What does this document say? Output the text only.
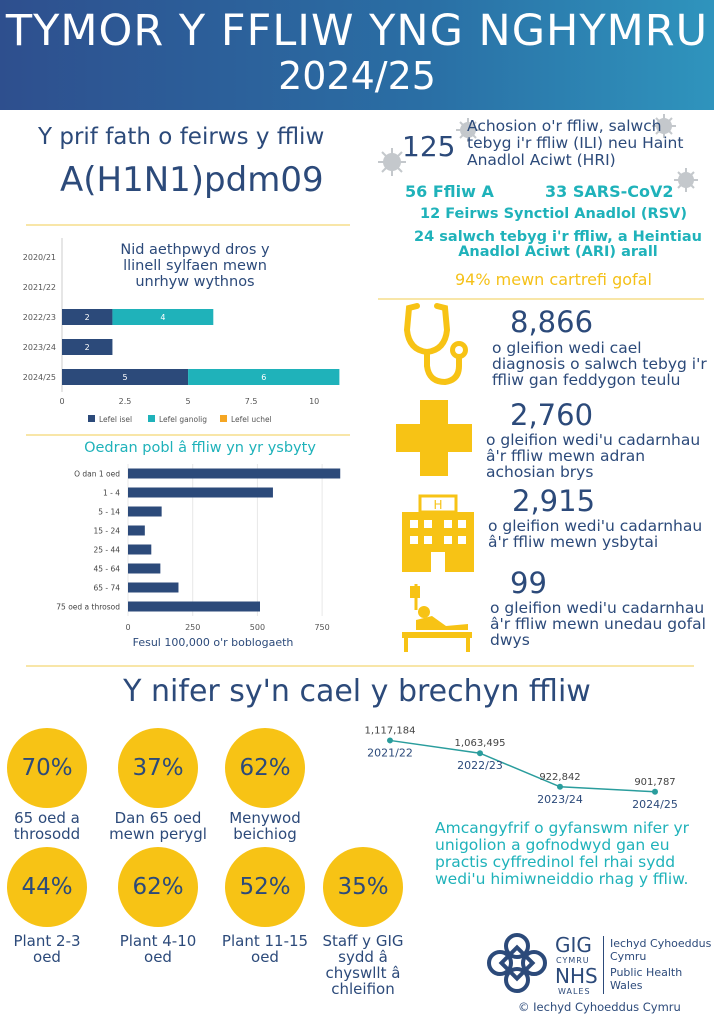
TYMOR Y FFLIW YNG NGHYMRU
2024/25
Y prif fath o feirws y ffliw
A(H1N1)pdm09
125
Achosion o'r ffliw, salwch tebyg i'r ffliw (ILI) neu Haint Anadlol Aciwt (HRI)
56 Ffliw A	33 SARS-CoV2
12 Feirws Synctiol Anadlol (RSV)
24 salwch tebyg i'r ffliw, a Heintiau Anadlol Aciwt (ARI) arall
94% mewn cartrefi gofal
2020/21
2021/22
2022/23	2	4
2023/24	2
2024/25	5	6
0	2.5	5	7.5	10
Lefel isel	Lefel ganolig	Lefel uchel
Nid aethpwyd dros y llinell sylfaen mewn unrhyw wythnos
Oedran pobl â ffliw yn yr ysbyty
O dan 1 oed
1 - 4
5 - 14
15 - 24
25 - 44
45 - 64
65 - 74
75 oed a throsod
0	250	500	750
Fesul 100,000 o'r boblogaeth
8,866
o gleifion wedi cael diagnosis o salwch tebyg i'r ffliw gan feddygon teulu
2,760
o gleifion wedi'u cadarnhau â'r ffliw mewn adran achosian brys
H 2,915
o gleifion wedi'u cadarnhau â'r ffliw mewn ysbytai
99
o gleifion wedi'u cadarnhau â'r ffliw mewn unedau gofal dwys
Y nifer sy'n cael y brechyn ffliw
70%
65 oed a throsodd
37%
Dan 65 oed mewn perygl
62%
Menywod beichiog
44%
Plant 2-3 oed
62%
Plant 4-10 oed
52%
Plant 11-15 oed
35%
Staff y GIG sydd â chyswllt â chleifion
1,117,184
2021/22
1,063,495
2022/23
922,842
2023/24
901,787
2024/25
Amcangyfrif o gyfanswm nifer yr unigolion a gofnodwyd gan eu practis cyffredinol fel rhai sydd wedi'u himiwneiddio rhag y ffliw.
GIG
CYMRU
NHS
WALES
Iechyd Cyhoeddus
Cymru
Public Health
Wales
© Iechyd Cyhoeddus Cymru
